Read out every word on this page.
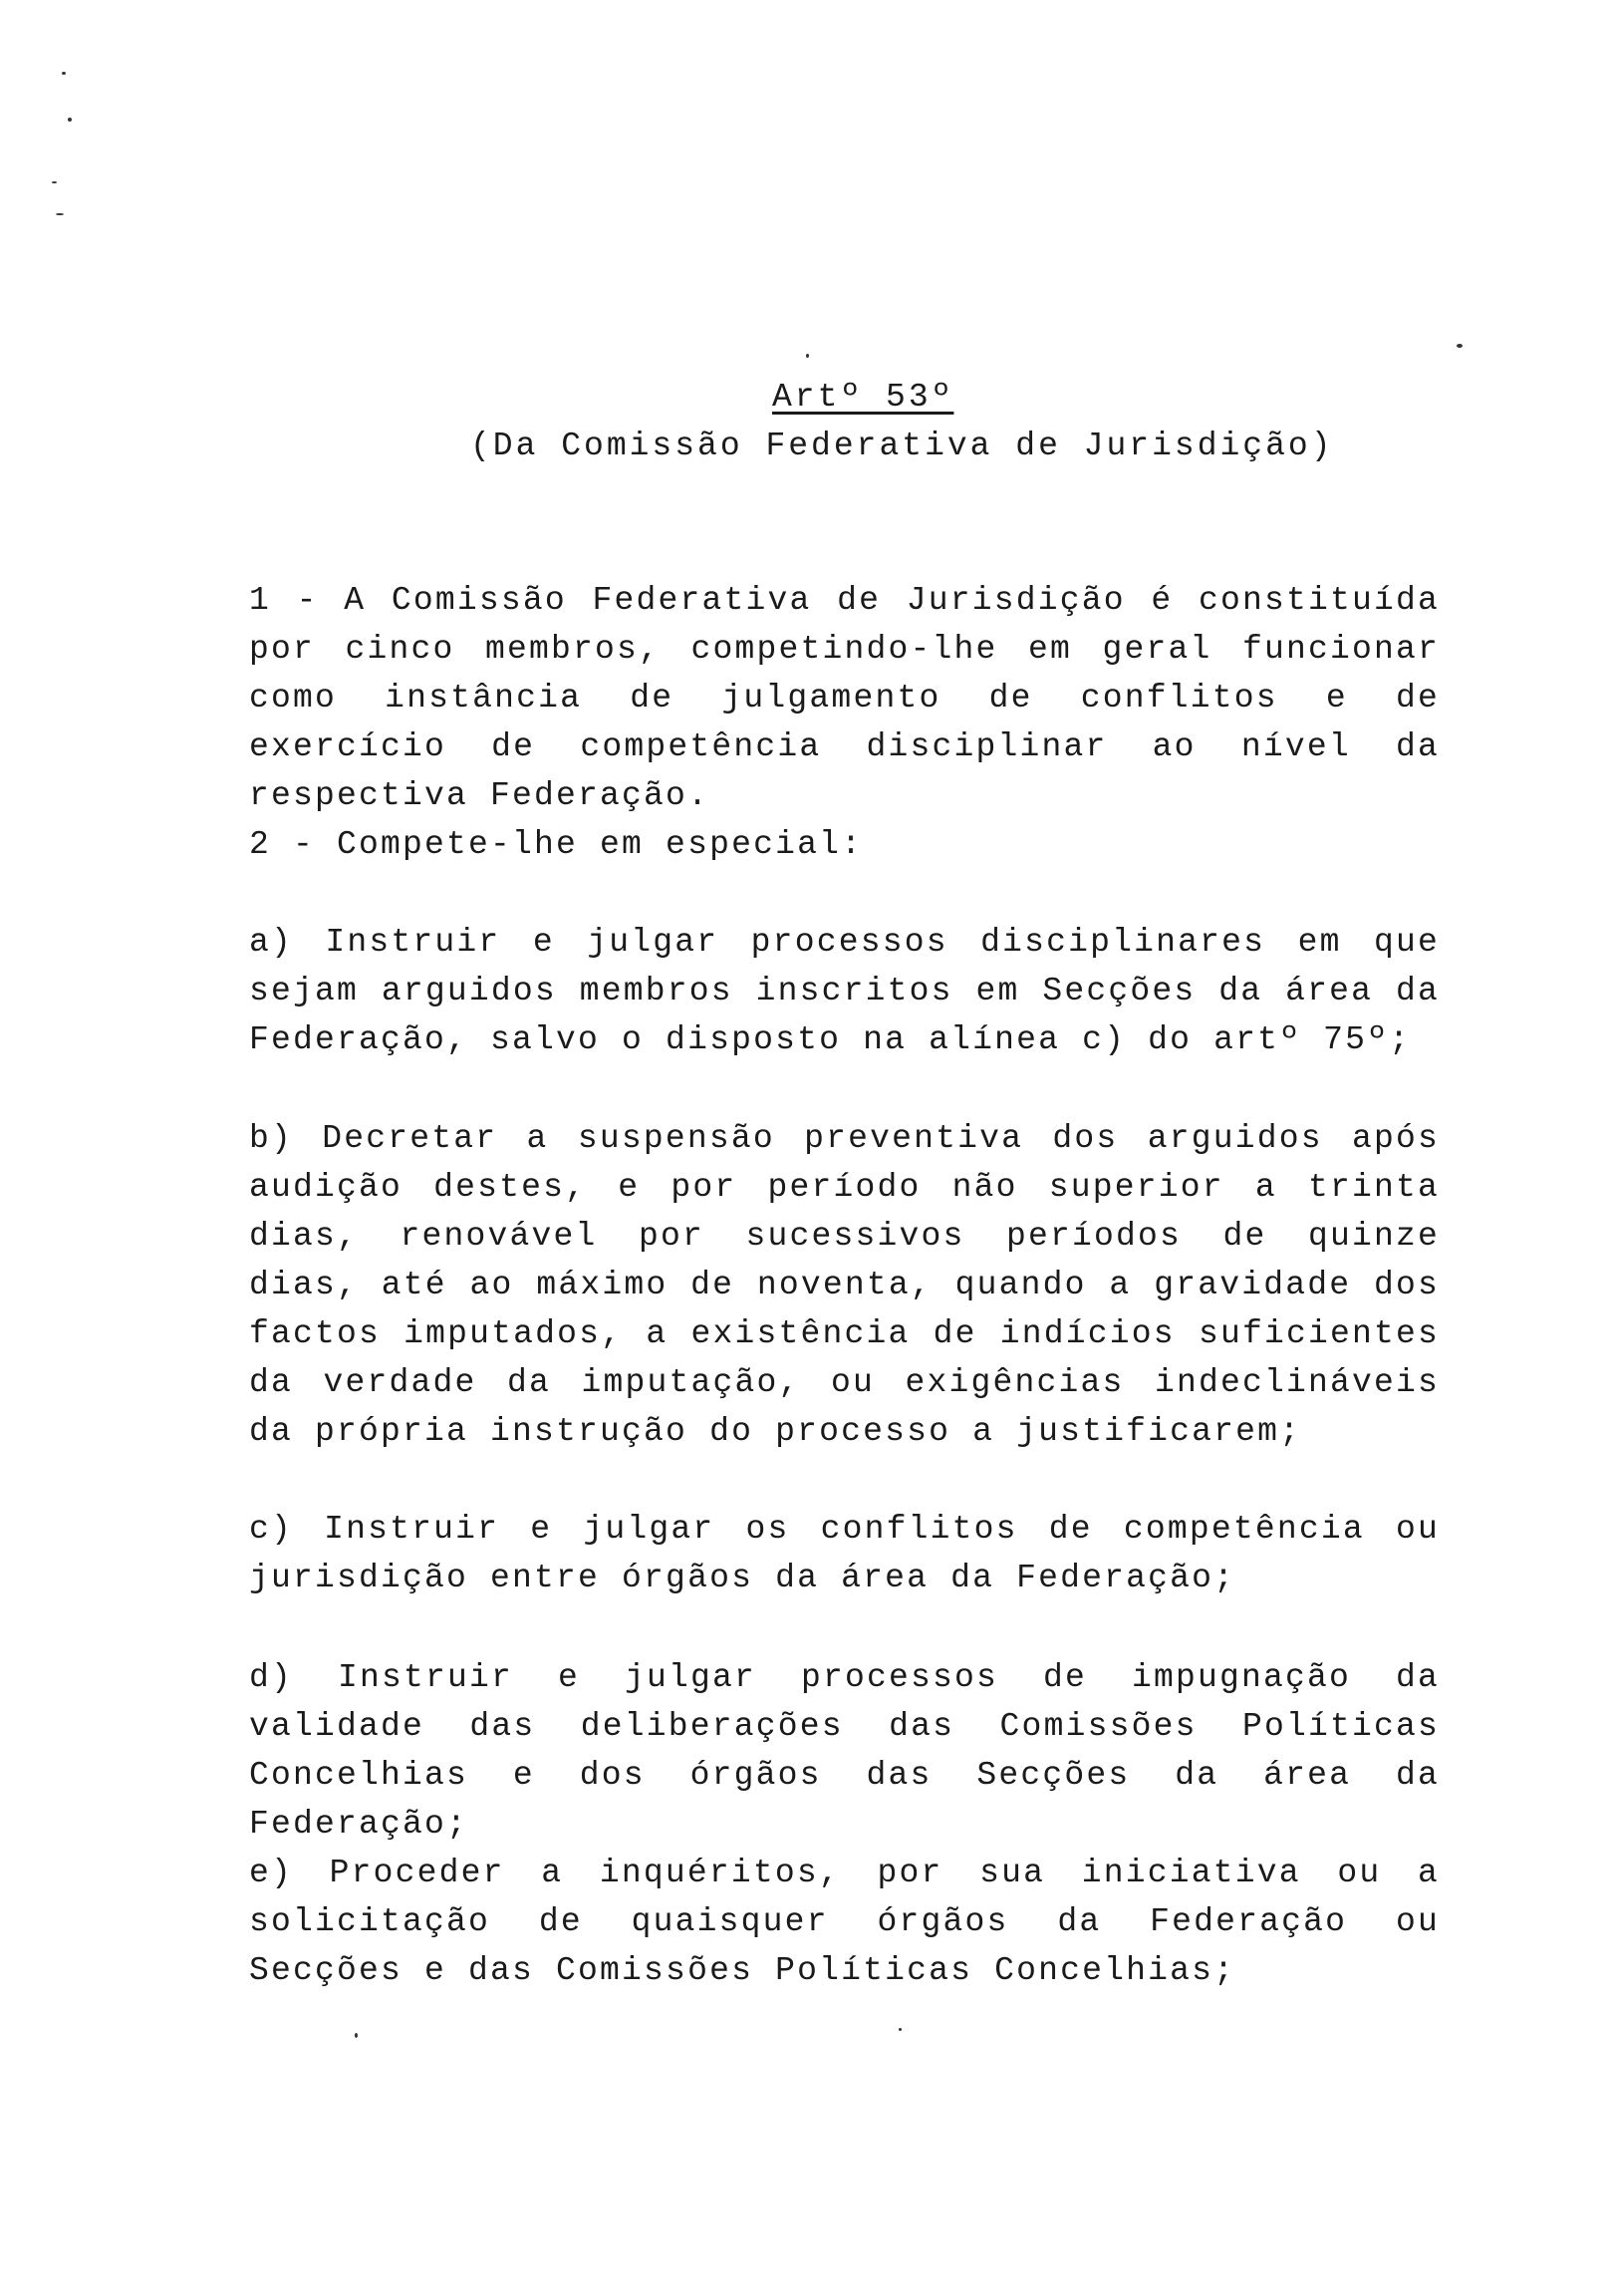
Artº 53º
(Da Comissão Federativa de Jurisdição)

1 - A Comissão Federativa de Jurisdição é constituída por cinco membros, competindo-lhe em geral funcionar como instância de julgamento de conflitos e de exercício de competência disciplinar ao nível da respectiva Federação.

2 - Compete-lhe em especial:

a) Instruir e julgar processos disciplinares em que sejam arguidos membros inscritos em Secções da área da Federação, salvo o disposto na alínea c) do artº 75º;

b) Decretar a suspensão preventiva dos arguidos após audição destes, e por período não superior a trinta dias, renovável por sucessivos períodos de quinze dias, até ao máximo de noventa, quando a gravidade dos factos imputados, a existência de indícios suficientes da verdade da imputação, ou exigências indeclináveis da própria instrução do processo a justificarem;

c) Instruir e julgar os conflitos de competência ou jurisdição entre órgãos da área da Federação;

d) Instruir e julgar processos de impugnação da validade das deliberações das Comissões Políticas Concelhias e dos órgãos das Secções da área da Federação;

e) Proceder a inquéritos, por sua iniciativa ou a solicitação de quaisquer órgãos da Federação ou Secções e das Comissões Políticas Concelhias;
